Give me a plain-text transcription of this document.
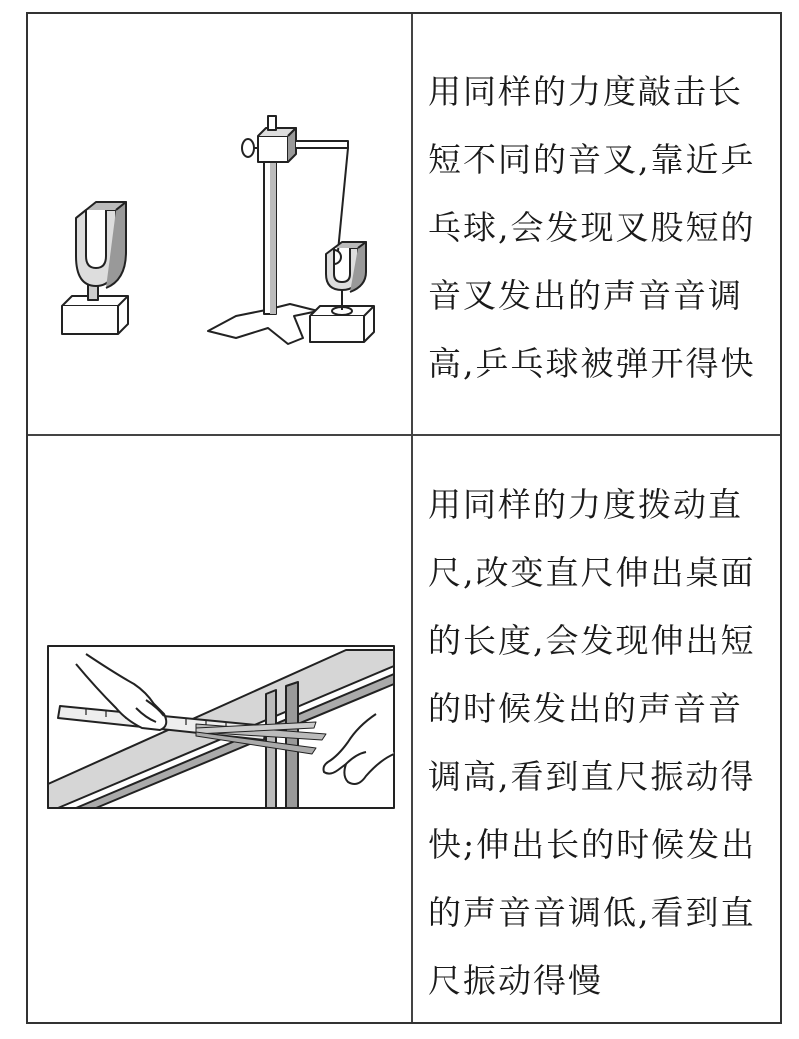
用同样的力度敲击长
短不同的音叉,靠近乒
乓球,会发现叉股短的
音叉发出的声音音调
高,乒乓球被弹开得快
用同样的力度拨动直
尺,改变直尺伸出桌面
的长度,会发现伸出短
的时候发出的声音音
调高,看到直尺振动得
快;伸出长的时候发出
的声音音调低,看到直
尺振动得慢
